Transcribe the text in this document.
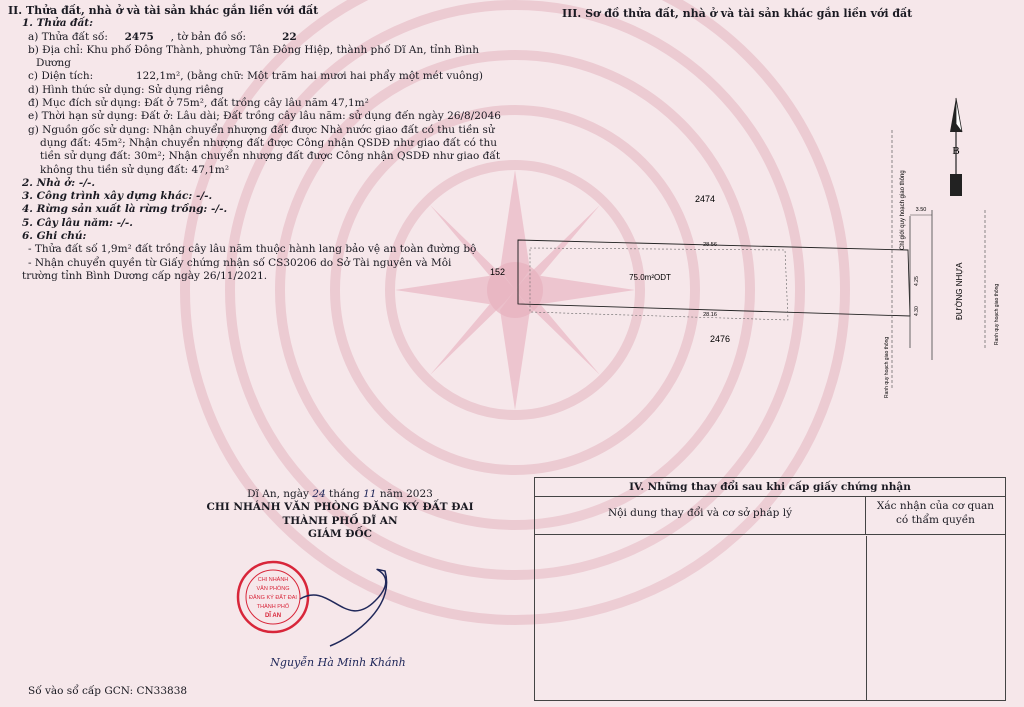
II. Thửa đất, nhà ở và tài sản khác gắn liền với đất
1. Thửa đất:
a) Thửa đất số: 2475 , tờ bản đồ số:	22
b) Địa chỉ: Khu phố Đông Thành, phường Tân Đông Hiệp, thành phố Dĩ An, tỉnh Bình
Dương
c) Diện tích:	122,1m², (bằng chữ: Một trăm hai mươi hai phẩy một mét vuông)
d) Hình thức sử dụng: Sử dụng riêng
đ) Mục đích sử dụng: Đất ở 75m², đất trồng cây lâu năm 47,1m²
e) Thời hạn sử dụng: Đất ở: Lâu dài; Đất trồng cây lâu năm: sử dụng đến ngày 26/8/2046
g) Nguồn gốc sử dụng: Nhận chuyển nhượng đất được Nhà nước giao đất có thu tiền sử
dụng đất: 45m²; Nhận chuyển nhượng đất được Công nhận QSDĐ như giao đất có thu
tiền sử dụng đất: 30m²; Nhận chuyển nhượng đất được Công nhận QSDĐ như giao đất
không thu tiền sử dụng đất: 47,1m²
2. Nhà ở: -/-.
3. Công trình xây dựng khác: -/-.
4. Rừng sản xuất là rừng trồng: -/-.
5. Cây lâu năm: -/-.
6. Ghi chú:
- Thửa đất số 1,9m² đất trồng cây lâu năm thuộc hành lang bảo vệ an toàn đường bộ
- Nhận chuyển quyền từ Giấy chứng nhận số CS30206 do Sở Tài nguyên và Môi
trường tỉnh Bình Dương cấp ngày 26/11/2021.
III. Sơ đồ thửa đất, nhà ở và tài sản khác gắn liền với đất
B
2474
2476
152
75.0m²ODT
28.56
28.16
3.50
4.25
4.30	ĐƯỜNG NHỰA
Chỉ giới quy hoạch giao thông
Ranh quy hoạch giao thông
Ranh quy hoạch giao thông
Dĩ An, ngày 24 tháng 11 năm 2023
CHI NHÁNH VĂN PHÒNG ĐĂNG KÝ ĐẤT ĐAI
THÀNH PHỐ DĨ AN
GIÁM ĐỐC
CHI NHÁNH
VĂN PHÒNG
ĐĂNG KÝ ĐẤT ĐAI
THÀNH PHỐ
DĨ AN
Nguyễn Hà Minh Khánh
IV. Những thay đổi sau khi cấp giấy chứng nhận
Nội dung thay đổi và cơ sở pháp lý
Xác nhận của cơ quan
có thẩm quyền
Số vào sổ cấp GCN: CN33838
